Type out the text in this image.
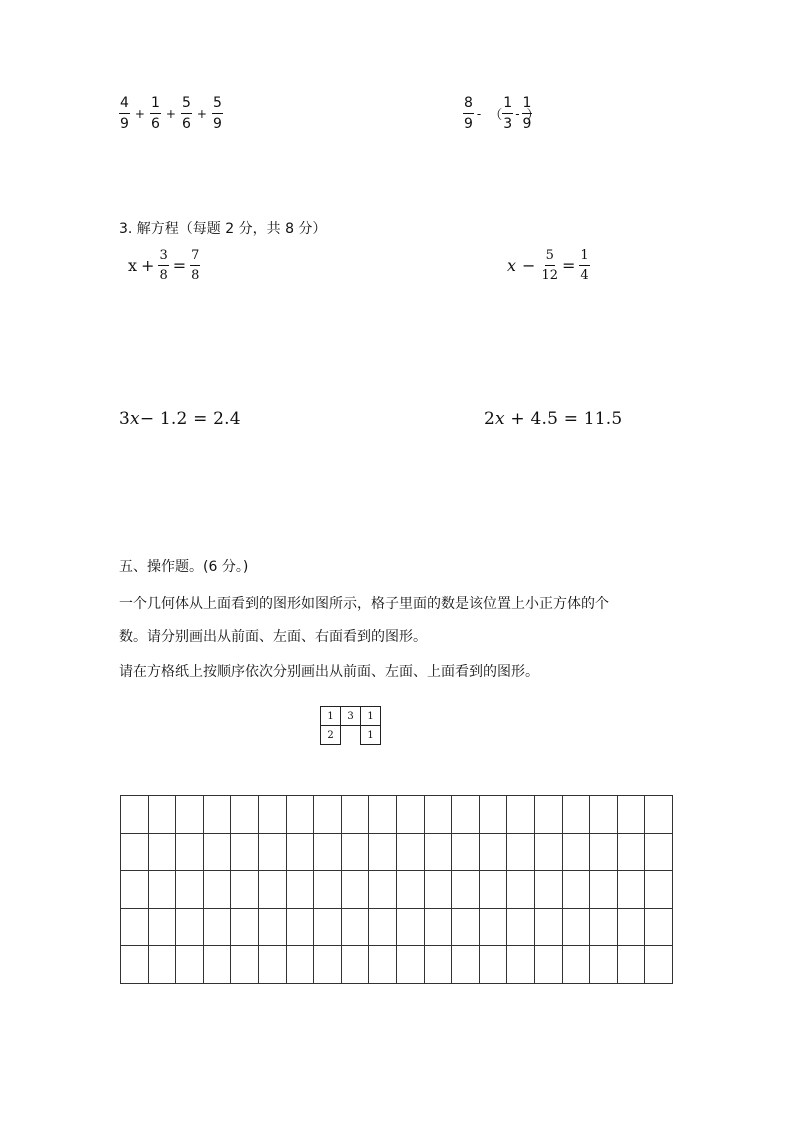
$\frac{4}{9} + \frac{1}{6} + \frac{5}{6} + \frac{5}{9}$	$\frac{8}{9}$ - （ $\frac{1}{3} - \frac{1}{9}$
）
3. 解方程（每题 2 分，共 8 分）
$x + \frac{3}{8} = \frac{7}{8}$	$x - \frac{5}{12} = \frac{1}{4}$
3x− 1.2 = 2.4	2x + 4.5 = 11.5
五、操作题。(6 分。)
一个几何体从上面看到的图形如图所示，格子里面的数是该位置上小正方体的个
数。请分别画出从前面、左面、右面看到的图形。
请在方格纸上按顺序依次分别画出从前面、左面、上面看到的图形。
1	3	1
2		1
